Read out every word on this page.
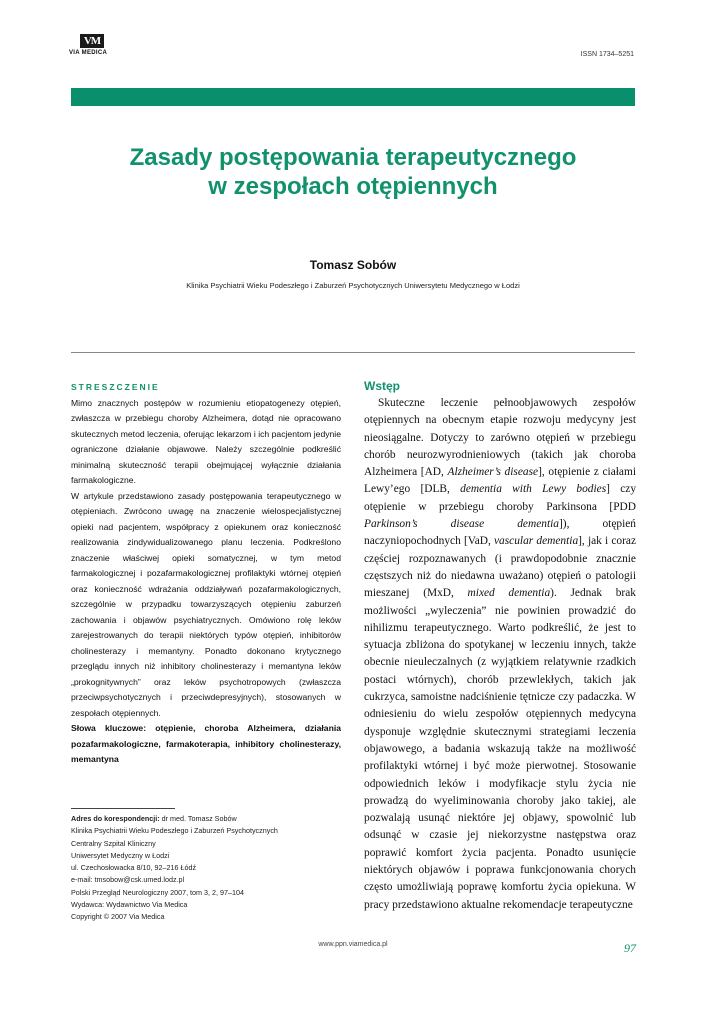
VM
VIA MEDICA	ISSN 1734–5251
Zasady postępowania terapeutycznego
w zespołach otępiennych
Tomasz Sobów
Klinika Psychiatrii Wieku Podeszłego i Zaburzeń Psychotycznych Uniwersytetu Medycznego w Łodzi
STRESZCZENIE

Mimo znacznych postępów w rozumieniu etiopatogenezy otępień, zwłaszcza w przebiegu choroby Alzheimera, dotąd nie opracowano skutecznych metod leczenia, oferując lekarzom i ich pacjentom jedynie ograniczone działanie objawowe. Należy szczególnie podkreślić minimalną skuteczność terapii obejmującej wyłącznie działania farmakologiczne.

W artykule przedstawiono zasady postępowania terapeutycznego w otępieniach. Zwrócono uwagę na znaczenie wielospecjalistycznej opieki nad pacjentem, współpracy z opiekunem oraz konieczność realizowania zindywidualizowanego planu leczenia. Podkreślono znaczenie właściwej opieki somatycznej, w tym metod farmakologicznej i pozafarmakologicznej profilaktyki wtórnej otępień oraz konieczność wdrażania oddziaływań pozafarmakologicznych, szczególnie w przypadku towarzyszących otępieniu zaburzeń zachowania i objawów psychiatrycznych. Omówiono rolę leków zarejestrowanych do terapii niektórych typów otępień, inhibitorów cholinesterazy i memantyny. Ponadto dokonano krytycznego przeglądu innych niż inhibitory cholinesterazy i memantyna leków „prokognitywnych” oraz leków psychotropowych (zwłaszcza przeciwpsychotycznych i przeciwdepresyjnych), stosowanych w zespołach otępiennych.

Słowa kluczowe: otępienie, choroba Alzheimera, działania pozafarmakologiczne, farmakoterapia, inhibitory cholinesterazy, memantyna

Adres do korespondencji: dr med. Tomasz Sobów
Klinika Psychiatrii Wieku Podeszłego i Zaburzeń Psychotycznych
Centralny Szpital Kliniczny
Uniwersytet Medyczny w Łodzi
ul. Czechosłowacka 8/10, 92–216 Łódź
e-mail: tmsobow@csk.umed.lodz.pl
Polski Przegląd Neurologiczny 2007, tom 3, 2, 97–104
Wydawca: Wydawnictwo Via Medica
Copyright © 2007 Via Medica
Wstęp

Skuteczne leczenie pełnoobjawowych zespołów otępiennych na obecnym etapie rozwoju medycyny jest nieosiągalne. Dotyczy to zarówno otępień w przebiegu chorób neurozwyrodnieniowych (takich jak choroba Alzheimera [AD, Alzheimer’s disease], otępienie z ciałami Lewy’ego [DLB, dementia with Lewy bodies] czy otępienie w przebiegu choroby Parkinsona [PDD Parkinson’s disease dementia]), otępień naczyniopochodnych [VaD, vascular dementia], jak i coraz częściej rozpoznawanych (i prawdopodobnie znacznie częstszych niż do niedawna uważano) otępień o patologii mieszanej (MxD, mixed dementia). Jednak brak możliwości „wyleczenia” nie powinien prowadzić do nihilizmu terapeutycznego. Warto podkreślić, że jest to sytuacja zbliżona do spotykanej w leczeniu innych, także obecnie nieuleczalnych (z wyjątkiem relatywnie rzadkich postaci wtórnych), chorób przewlekłych, takich jak cukrzyca, samoistne nadciśnienie tętnicze czy padaczka. W odniesieniu do wielu zespołów otępiennych medycyna dysponuje względnie skutecznymi strategiami leczenia objawowego, a badania wskazują także na możliwość profilaktyki wtórnej i być może pierwotnej. Stosowanie odpowiednich leków i modyfikacje stylu życia nie prowadzą do wyeliminowania choroby jako takiej, ale pozwalają usunąć niektóre jej objawy, spowolnić lub odsunąć w czasie jej niekorzystne następstwa oraz poprawić komfort życia pacjenta. Ponadto usunięcie niektórych objawów i poprawa funkcjonowania chorych często umożliwiają poprawę komfortu życia opiekuna. W pracy przedstawiono aktualne rekomendacje terapeutyczne

www.ppn.viamedica.pl	97
